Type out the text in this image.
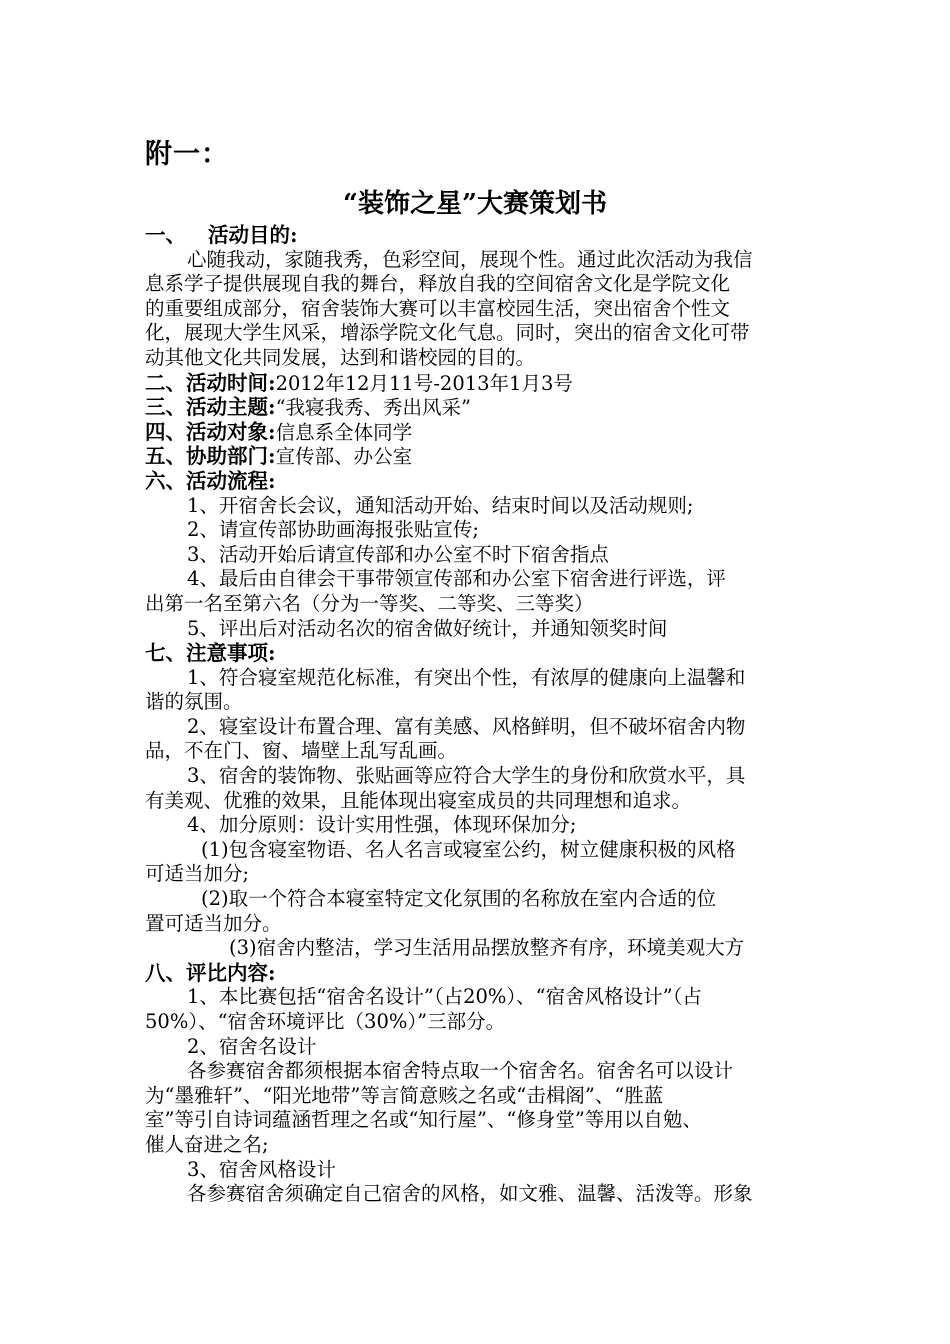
附一：
“装饰之星”大赛策划书
一、 活动目的:
心随我动，家随我秀，色彩空间，展现个性。通过此次活动为我信
息系学子提供展现自我的舞台，释放自我的空间宿舍文化是学院文化
的重要组成部分，宿舍装饰大赛可以丰富校园生活，突出宿舍个性文
化，展现大学生风采，增添学院文化气息。同时，突出的宿舍文化可带
动其他文化共同发展，达到和谐校园的目的。
二、活动时间:2012年12月11号-2013年1月3号
三、活动主题:“我寝我秀、秀出风采”
四、活动对象:信息系全体同学
五、协助部门:宣传部、办公室
六、活动流程:
1、开宿舍长会议，通知活动开始、结束时间以及活动规则;
2、请宣传部协助画海报张贴宣传;
3、活动开始后请宣传部和办公室不时下宿舍指点
4、最后由自律会干事带领宣传部和办公室下宿舍进行评选，评
出第一名至第六名（分为一等奖、二等奖、三等奖）
5、评出后对活动名次的宿舍做好统计，并通知领奖时间
七、注意事项:
1、符合寝室规范化标准，有突出个性，有浓厚的健康向上温馨和
谐的氛围。
2、寝室设计布置合理、富有美感、风格鲜明，但不破坏宿舍内物
品，不在门、窗、墙壁上乱写乱画。
3、宿舍的装饰物、张贴画等应符合大学生的身份和欣赏水平，具
有美观、优雅的效果，且能体现出寝室成员的共同理想和追求。
4、加分原则：设计实用性强，体现环保加分;
(1)包含寝室物语、名人名言或寝室公约，树立健康积极的风格
可适当加分;
(2)取一个符合本寝室特定文化氛围的名称放在室内合适的位
置可适当加分。
(3)宿舍内整洁，学习生活用品摆放整齐有序，环境美观大方
八、评比内容:
1、本比赛包括“宿舍名设计”（占20%）、“宿舍风格设计”（占
50%）、“宿舍环境评比（30%）”三部分。
2、宿舍名设计
各参赛宿舍都须根据本宿舍特点取一个宿舍名。宿舍名可以设计
为“墨雅轩”、“阳光地带”等言简意赅之名或“击楫阁”、“胜蓝
室”等引自诗词蕴涵哲理之名或“知行屋”、“修身堂”等用以自勉、
催人奋进之名;
3、宿舍风格设计
各参赛宿舍须确定自己宿舍的风格，如文雅、温馨、活泼等。形象
